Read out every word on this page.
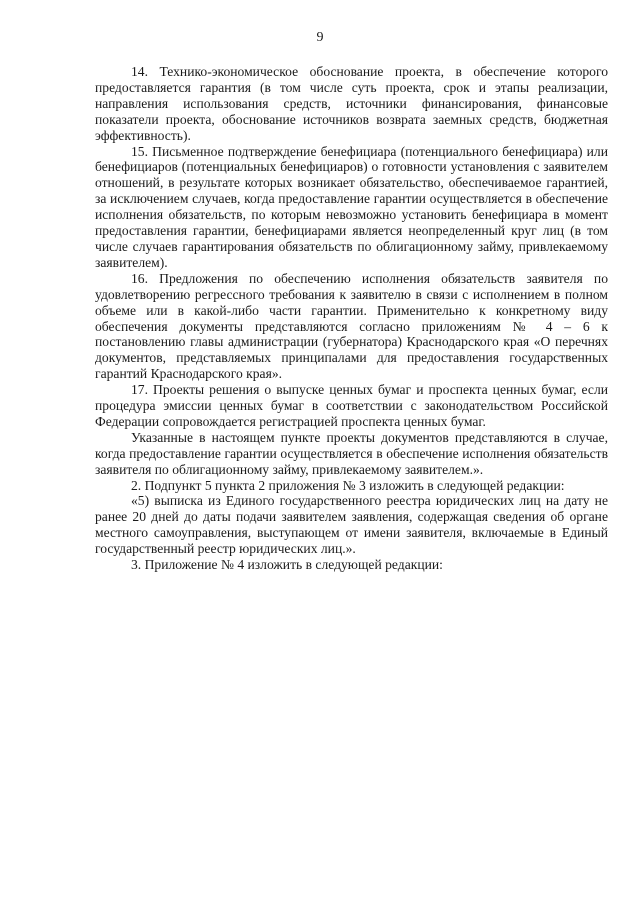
9

14. Технико-экономическое обоснование проекта, в обеспечение которого предоставляется гарантия (в том числе суть проекта, срок и этапы реализации, направления использования средств, источники финансирования, финансовые показатели проекта, обоснование источников возврата заемных средств, бюджетная эффективность).

15. Письменное подтверждение бенефициара (потенциального бенефициара) или бенефициаров (потенциальных бенефициаров) о готовности установления с заявителем отношений, в результате которых возникает обязательство, обеспечиваемое гарантией, за исключением случаев, когда предоставление гарантии осуществляется в обеспечение исполнения обязательств, по которым невозможно установить бенефициара в момент предоставления гарантии, бенефициарами является неопределенный круг лиц (в том числе случаев гарантирования обязательств по облигационному займу, привлекаемому заявителем).

16. Предложения по обеспечению исполнения обязательств заявителя по удовлетворению регрессного требования к заявителю в связи с исполнением в полном объеме или в какой-либо части гарантии. Применительно к конкретному виду обеспечения документы представляются согласно приложениям № 4 – 6 к постановлению главы администрации (губернатора) Краснодарского края «О перечнях документов, представляемых принципалами для предоставления государственных гарантий Краснодарского края».

17. Проекты решения о выпуске ценных бумаг и проспекта ценных бумаг, если процедура эмиссии ценных бумаг в соответствии с законодательством Российской Федерации сопровождается регистрацией проспекта ценных бумаг.

Указанные в настоящем пункте проекты документов представляются в случае, когда предоставление гарантии осуществляется в обеспечение исполнения обязательств заявителя по облигационному займу, привлекаемому заявителем.».

2. Подпункт 5 пункта 2 приложения № 3 изложить в следующей редакции:

«5) выписка из Единого государственного реестра юридических лиц на дату не ранее 20 дней до даты подачи заявителем заявления, содержащая сведения об органе местного самоуправления, выступающем от имени заявителя, включаемые в Единый государственный реестр юридических лиц.».

3. Приложение № 4 изложить в следующей редакции:
